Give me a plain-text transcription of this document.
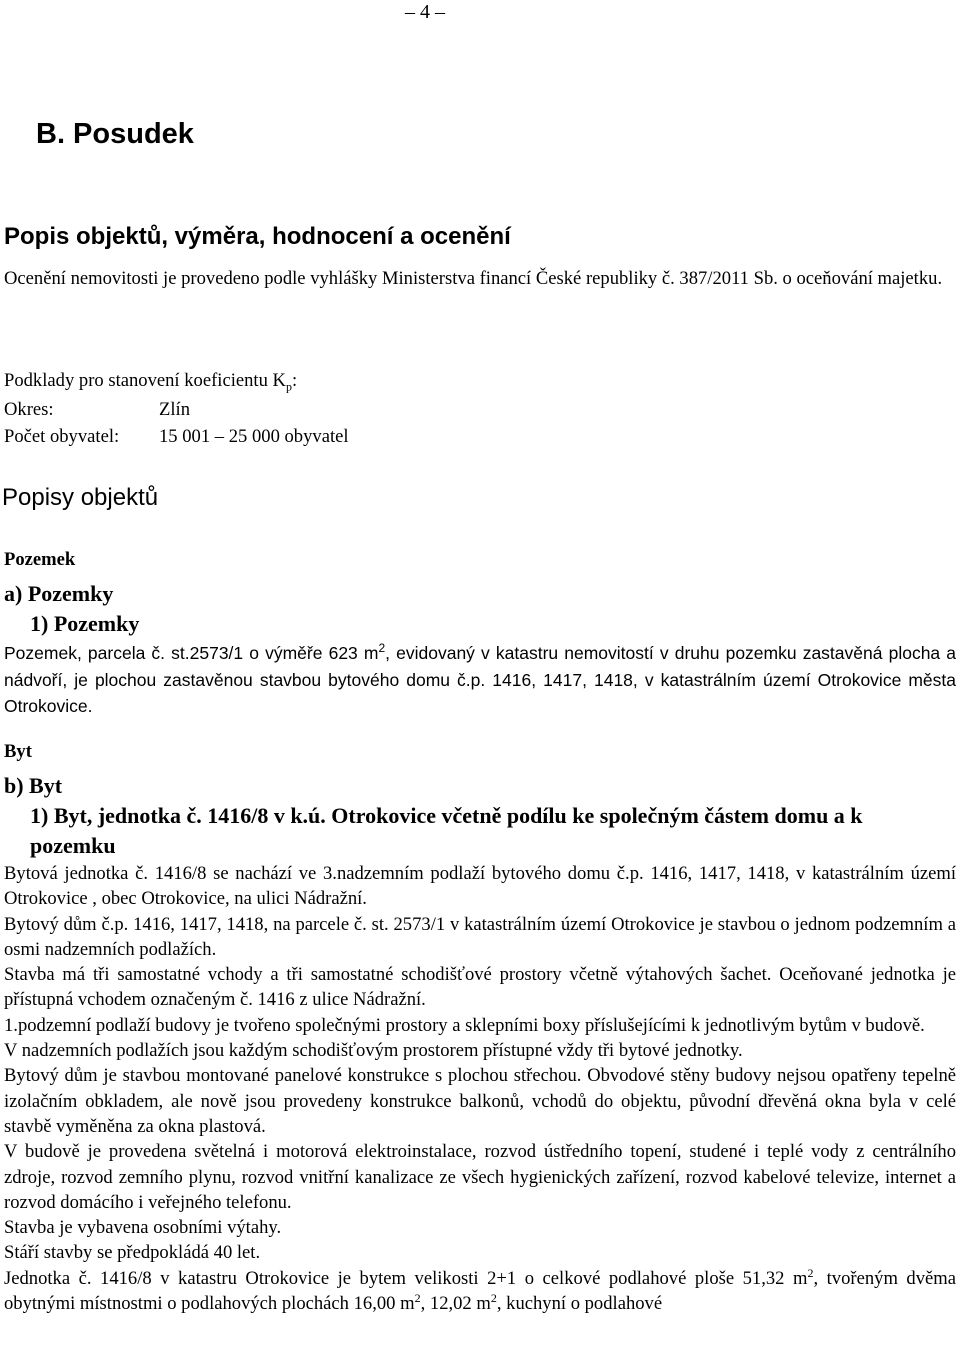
– 4 –
B. Posudek
Popis objektů, výměra, hodnocení a ocenění
Ocenění nemovitosti je provedeno podle vyhlášky Ministerstva financí České republiky č. 387/2011 Sb. o oceňování majetku.
Podklady pro stanovení koeficientu $K_p$:
Okres:	Zlín
Počet obyvatel: 15 001 – 25 000 obyvatel
Popisy objektů
Pozemek
a) Pozemky
1) Pozemky
Pozemek, parcela č. st.2573/1 o výměře 623 $m^2$, evidovaný v katastru nemovitostí v druhu pozemku zastavěná plocha a nádvoří, je plochou zastavěnou stavbou bytového domu č.p. 1416, 1417, 1418, v katastrálním území Otrokovice města Otrokovice.
Byt
b) Byt
1) Byt, jednotka č. 1416/8 v k.ú. Otrokovice včetně podílu ke společným částem domu a k pozemku
Bytová jednotka č. 1416/8 se nachází ve 3.nadzemním podlaží bytového domu č.p. 1416, 1417, 1418, v katastrálním území Otrokovice , obec Otrokovice, na ulici Nádražní.
Bytový dům č.p. 1416, 1417, 1418, na parcele č. st. 2573/1 v katastrálním území Otrokovice je stavbou o jednom podzemním a osmi nadzemních podlažích.
Stavba má tři samostatné vchody a tři samostatné schodišťové prostory včetně výtahových šachet. Oceňované jednotka je přístupná vchodem označeným č. 1416 z ulice Nádražní.
1.podzemní podlaží budovy je tvořeno společnými prostory a sklepními boxy příslušejícími k jednotlivým bytům v budově.
V nadzemních podlažích jsou každým schodišťovým prostorem přístupné vždy tři bytové jednotky.
Bytový dům je stavbou montované panelové konstrukce s plochou střechou. Obvodové stěny budovy nejsou opatřeny tepelně izolačním obkladem, ale nově jsou provedeny konstrukce balkonů, vchodů do objektu, původní dřevěná okna byla v celé stavbě vyměněna za okna plastová.
V budově je provedena světelná i motorová elektroinstalace, rozvod ústředního topení, studené i teplé vody z centrálního zdroje, rozvod zemního plynu, rozvod vnitřní kanalizace ze všech hygienických zařízení, rozvod kabelové televize, internet a rozvod domácího i veřejného telefonu.
Stavba je vybavena osobními výtahy.
Stáří stavby se předpokládá 40 let.
Jednotka č. 1416/8 v katastru Otrokovice je bytem velikosti 2+1 o celkové podlahové ploše 51,32 $m^2$, tvořeným dvěma obytnými místnostmi o podlahových plochách 16,00 $m^2$, 12,02 $m^2$, kuchyní o podlahové
